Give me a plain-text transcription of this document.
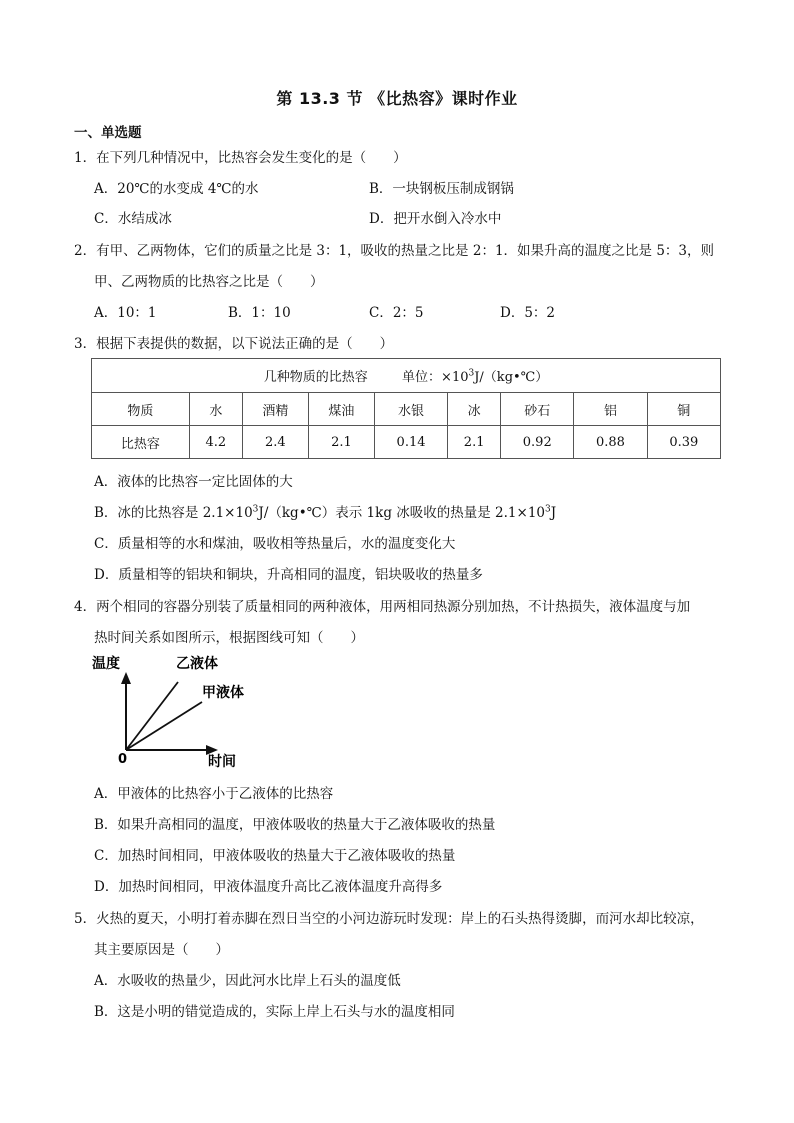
第 13.3 节 《比热容》课时作业
一、单选题
1．在下列几种情况中，比热容会发生变化的是（　　）
A．20℃的水变成 4℃的水	B．一块钢板压制成钢锅
C．水结成冰	D．把开水倒入冷水中
2．有甲、乙两物体，它们的质量之比是 3：1，吸收的热量之比是 2：1．如果升高的温度之比是 5：3，则
甲、乙两物质的比热容之比是（　　）
A．10：1	B．1：10	C．2：5	D．5：2
3．根据下表提供的数据，以下说法正确的是（　　）
几种物质的比热容    单位：$\times 10^3J/(kg•℃)$								
物质	水	酒精	煤油	水银	冰	砂石	铝	铜
比热容	4.2	2.4	2.1	0.14	2.1	0.92	0.88	0.39
A．液体的比热容一定比固体的大
B．冰的比热容是 $2.1\times 10^3J/(kg•℃)$表示 1kg 冰吸收的热量是 $2.1\times 10^3J$
C．质量相等的水和煤油，吸收相等热量后，水的温度变化大
D．质量相等的铝块和铜块，升高相同的温度，铝块吸收的热量多
4．两个相同的容器分别装了质量相同的两种液体，用两相同热源分别加热，不计热损失，液体温度与加
热时间关系如图所示，根据图线可知（　　）
温度	乙液体
甲液体
0	时间
A．甲液体的比热容小于乙液体的比热容
B．如果升高相同的温度，甲液体吸收的热量大于乙液体吸收的热量
C．加热时间相同，甲液体吸收的热量大于乙液体吸收的热量
D．加热时间相同，甲液体温度升高比乙液体温度升高得多
5．火热的夏天，小明打着赤脚在烈日当空的小河边游玩时发现：岸上的石头热得烫脚，而河水却比较凉，
其主要原因是（　　）
A．水吸收的热量少，因此河水比岸上石头的温度低
B．这是小明的错觉造成的，实际上岸上石头与水的温度相同
